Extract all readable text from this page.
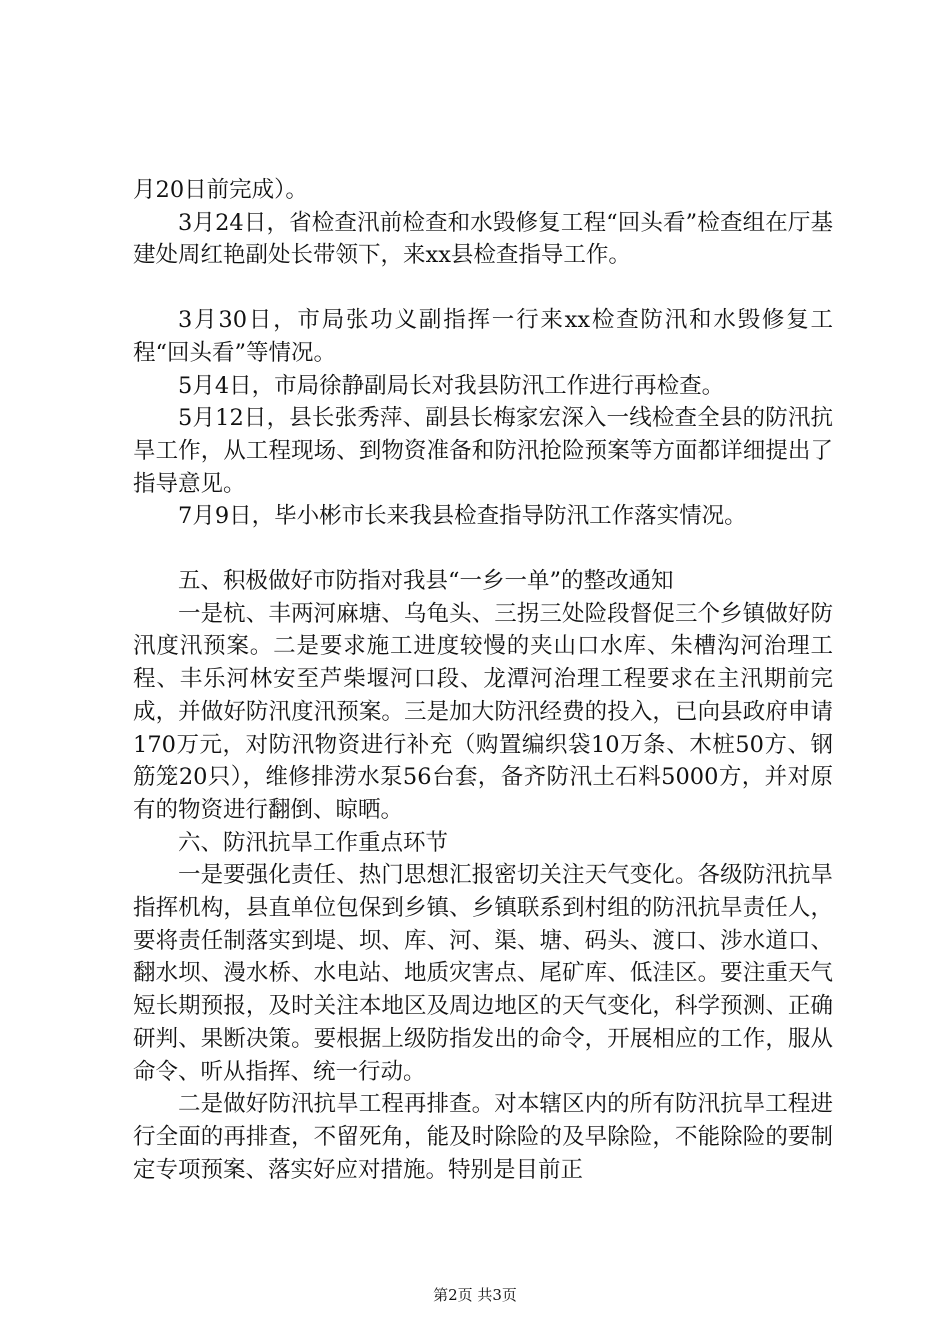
月20日前完成）。

3月24日，省检查汛前检查和水毁修复工程“回头看”检查组在厅基建处周红艳副处长带领下，来xx县检查指导工作。

3月30日，市局张功义副指挥一行来xx检查防汛和水毁修复工程“回头看”等情况。

5月4日，市局徐静副局长对我县防汛工作进行再检查。

5月12日，县长张秀萍、副县长梅家宏深入一线检查全县的防汛抗旱工作，从工程现场、到物资准备和防汛抢险预案等方面都详细提出了指导意见。

7月9日，毕小彬市长来我县检查指导防汛工作落实情况。

五、积极做好市防指对我县“一乡一单”的整改通知

一是杭、丰两河麻塘、乌龟头、三拐三处险段督促三个乡镇做好防汛度汛预案。二是要求施工进度较慢的夹山口水库、朱槽沟河治理工程、丰乐河林安至芦柴堰河口段、龙潭河治理工程要求在主汛期前完成，并做好防汛度汛预案。三是加大防汛经费的投入，已向县政府申请170万元，对防汛物资进行补充（购置编织袋10万条、木桩50方、钢筋笼20只），维修排涝水泵56台套，备齐防汛土石料5000方，并对原有的物资进行翻倒、晾晒。

六、防汛抗旱工作重点环节

一是要强化责任、热门思想汇报密切关注天气变化。各级防汛抗旱指挥机构，县直单位包保到乡镇、乡镇联系到村组的防汛抗旱责任人，要将责任制落实到堤、坝、库、河、渠、塘、码头、渡口、涉水道口、翻水坝、漫水桥、水电站、地质灾害点、尾矿库、低洼区。要注重天气短长期预报，及时关注本地区及周边地区的天气变化，科学预测、正确研判、果断决策。要根据上级防指发出的命令，开展相应的工作，服从命令、听从指挥、统一行动。

二是做好防汛抗旱工程再排查。对本辖区内的所有防汛抗旱工程进行全面的再排查，不留死角，能及时除险的及早除险，不能除险的要制定专项预案、落实好应对措施。特别是目前正

第2页 共3页
